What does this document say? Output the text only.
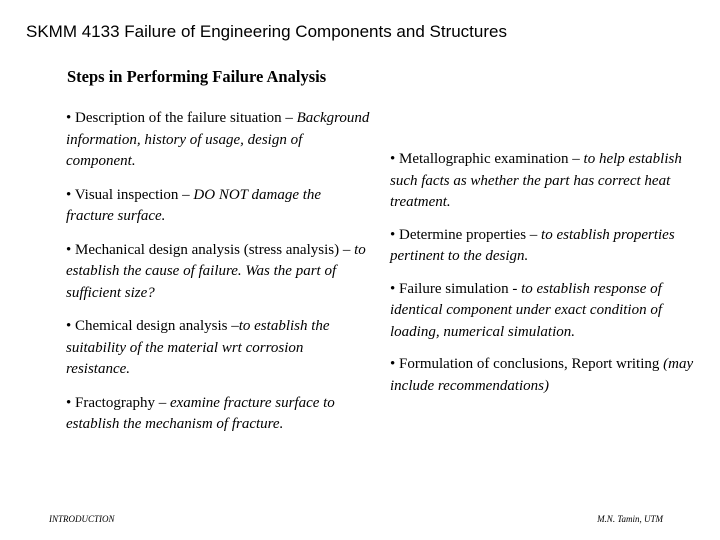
SKMM 4133 Failure of Engineering Components and Structures
Steps in Performing Failure Analysis

• Description of the failure situation – Background information, history of usage, design of component.

• Visual inspection – DO NOT damage the fracture surface.

• Mechanical design analysis (stress analysis) – to establish the cause of failure. Was the part of sufficient size?

• Chemical design analysis –to establish the suitability of the material wrt corrosion resistance.

• Fractography – examine fracture surface to establish the mechanism of fracture.

• Metallographic examination – to help establish such facts as whether the part has correct heat treatment.

• Determine properties – to establish properties pertinent to the design.

• Failure simulation - to establish response of identical component under exact condition of loading, numerical simulation.

• Formulation of conclusions, Report writing (may include recommendations)

INTRODUCTION	M.N. Tamin, UTM
